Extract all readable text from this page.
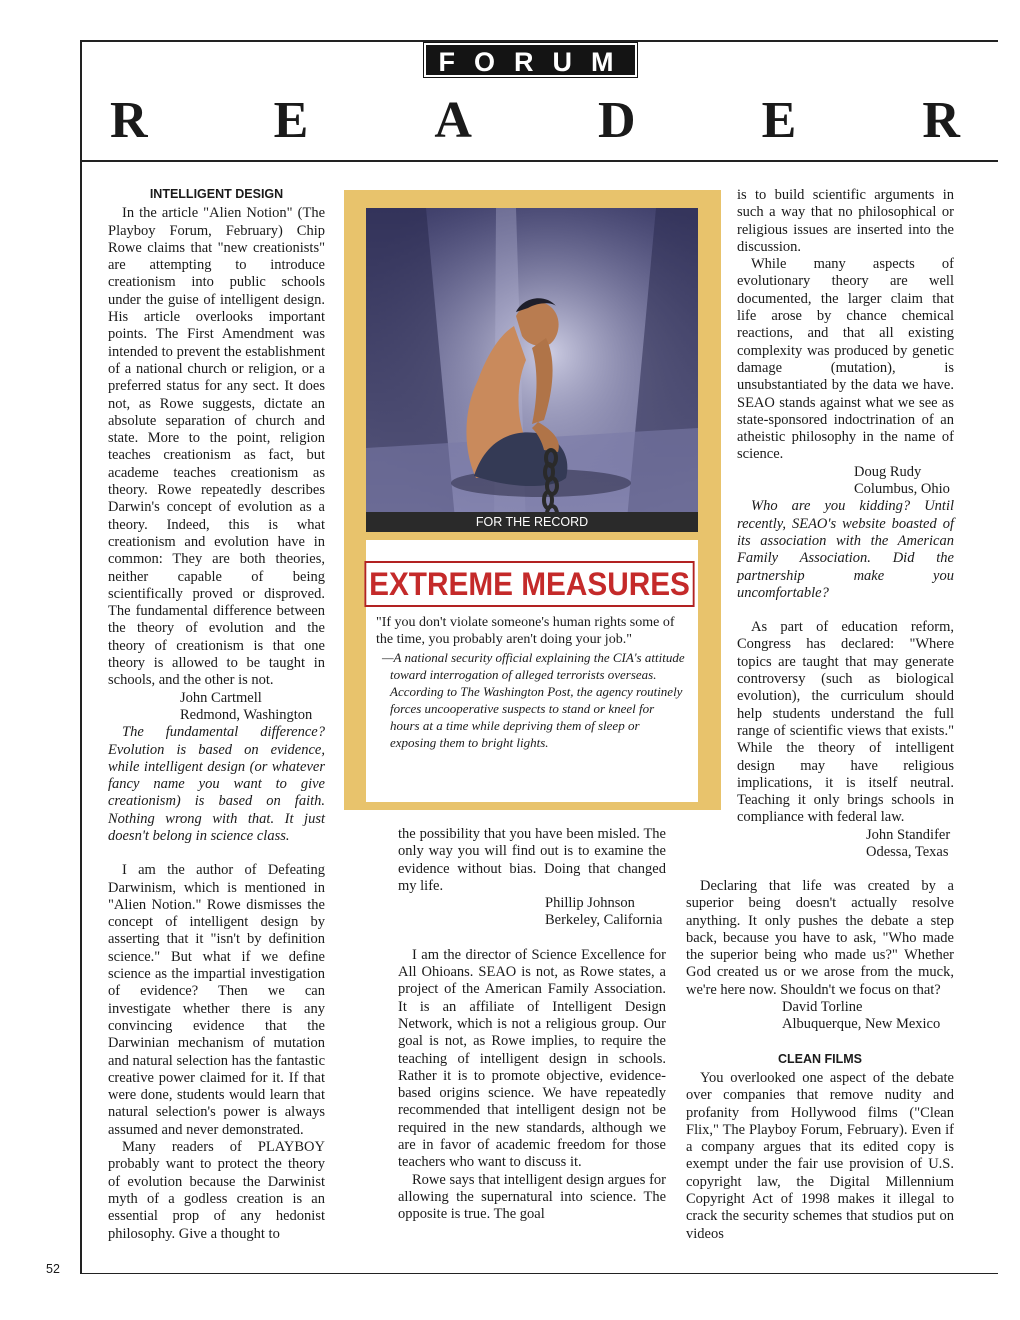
FORUM
R E A D E R
INTELLIGENT DESIGN

In the article "Alien Notion" (The Playboy Forum, February) Chip Rowe claims that "new creationists" are attempting to introduce creationism into public schools under the guise of intelligent design. His article overlooks important points. The First Amendment was intended to prevent the establishment of a national church or religion, or a preferred status for any sect. It does not, as Rowe suggests, dictate an absolute separation of church and state. More to the point, religion teaches creationism as fact, but academe teaches creationism as theory. Rowe repeatedly describes Darwin's concept of evolution as a theory. Indeed, this is what creationism and evolution have in common: They are both theories, neither capable of being scientifically proved or disproved. The fundamental difference between the theory of evolution and the theory of creationism is that one theory is allowed to be taught in schools, and the other is not.

John Cartmell

Redmond, Washington

The fundamental difference? Evolution is based on evidence, while intelligent design (or whatever fancy name you want to give creationism) is based on faith. Nothing wrong with that. It just doesn't belong in science class.

I am the author of Defeating Darwinism, which is mentioned in "Alien Notion." Rowe dismisses the concept of intelligent design by asserting that it "isn't by definition science." But what if we define science as the impartial investigation of evidence? Then we can investigate whether there is any convincing evidence that the Darwinian mechanism of mutation and natural selection has the fantastic creative power claimed for it. If that were done, students would learn that natural selection's power is always assumed and never demonstrated.

Many readers of PLAYBOY probably want to protect the theory of evolution because the Darwinist myth of a godless creation is an essential prop of any hedonist philosophy. Give a thought to

FOR THE RECORD
EXTREME MEASURES

"If you don't violate someone's human rights some of the time, you probably aren't doing your job."

—A national security official explaining the CIA's attitude toward interrogation of alleged terrorists overseas. According to The Washington Post, the agency routinely forces uncooperative suspects to stand or kneel for hours at a time while depriving them of sleep or exposing them to bright lights.

the possibility that you have been misled. The only way you will find out is to examine the evidence without bias. Doing that changed my life.

Phillip Johnson

Berkeley, California

I am the director of Science Excellence for All Ohioans. SEAO is not, as Rowe states, a project of the American Family Association. It is an affiliate of Intelligent Design Network, which is not a religious group. Our goal is not, as Rowe implies, to require the teaching of intelligent design in schools. Rather it is to promote objective, evidence-based origins science. We have repeatedly recommended that intelligent design not be required in the new standards, although we are in favor of academic freedom for those teachers who want to discuss it.

Rowe says that intelligent design argues for allowing the supernatural into science. The opposite is true. The goal

is to build scientific arguments in such a way that no philosophical or religious issues are inserted into the discussion.

While many aspects of evolutionary theory are well documented, the larger claim that life arose by chance chemical reactions, and that all existing complexity was produced by genetic damage (mutation), is unsubstantiated by the data we have. SEAO stands against what we see as state-sponsored indoctrination of an atheistic philosophy in the name of science.

Doug Rudy

Columbus, Ohio

Who are you kidding? Until recently, SEAO's website boasted of its association with the American Family Association. Did the partnership make you uncomfortable?

As part of education reform, Congress has declared: "Where topics are taught that may generate controversy (such as biological evolution), the curriculum should help students understand the full range of scientific views that exists." While the theory of intelligent design may have religious implications, it is itself neutral. Teaching it only brings schools in compliance with federal law.

John Standifer

Odessa, Texas

Declaring that life was created by a superior being doesn't actually resolve anything. It only pushes the debate a step back, because you have to ask, "Who made the superior being who made us?" Whether God created us or we arose from the muck, we're here now. Shouldn't we focus on that?

David Torline

Albuquerque, New Mexico

CLEAN FILMS

You overlooked one aspect of the debate over companies that remove nudity and profanity from Hollywood films ("Clean Flix," The Playboy Forum, February). Even if a company argues that its edited copy is exempt under the fair use provision of U.S. copyright law, the Digital Millennium Copyright Act of 1998 makes it illegal to crack the security schemes that studios put on videos

52
